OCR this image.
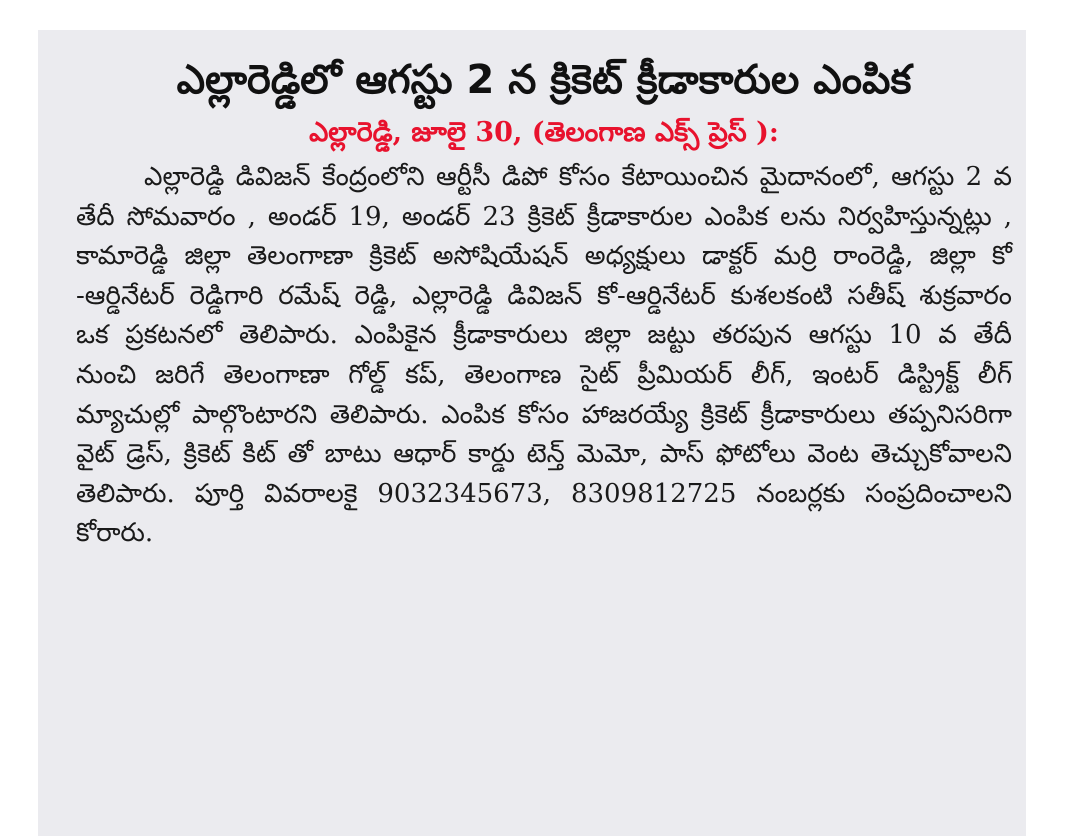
ఎల్లారెడ్డిలో ఆగస్టు 2 న క్రికెట్ క్రీడాకారుల ఎంపిక
ఎల్లారెడ్డి, జూలై 30, (తెలంగాణ ఎక్స్ ప్రెస్ ):

ఎల్లారెడ్డి డివిజన్ కేంద్రంలోని ఆర్టీసీ డిపో కోసం కేటాయించిన మైదానంలో, ఆగస్టు 2 వ తేదీ సోమవారం , అండర్ 19, అండర్ 23 క్రికెట్ క్రీడాకారుల ఎంపిక లను నిర్వహిస్తున్నట్లు , కామారెడ్డి జిల్లా తెలంగాణా క్రికెట్ అసోషియేషన్ అధ్యక్షులు డాక్టర్ మర్రి రాంరెడ్డి, జిల్లా కో -ఆర్డినేటర్ రెడ్డిగారి రమేష్ రెడ్డి, ఎల్లారెడ్డి డివిజన్ కో-ఆర్డినేటర్ కుశలకంటి సతీష్ శుక్రవారం ఒక ప్రకటనలో తెలిపారు. ఎంపికైన క్రీడాకారులు జిల్లా జట్టు తరపున ఆగస్టు 10 వ తేదీ నుంచి జరిగే తెలంగాణా గోల్డ్ కప్, తెలంగాణ సైట్ ప్రీమియర్ లీగ్, ఇంటర్ డిస్ట్రిక్ట్ లీగ్ మ్యాచుల్లో పాల్గొంటారని తెలిపారు. ఎంపిక కోసం హాజరయ్యే క్రికెట్ క్రీడాకారులు తప్పనిసరిగా వైట్ డ్రెస్, క్రికెట్ కిట్ తో బాటు ఆధార్ కార్డు టెన్త్ మెమో, పాస్ ఫోటోలు వెంట తెచ్చుకోవాలని తెలిపారు. పూర్తి వివరాలకై 9032345673, 8309812725 నంబర్లకు సంప్రదించాలని కోరారు.
